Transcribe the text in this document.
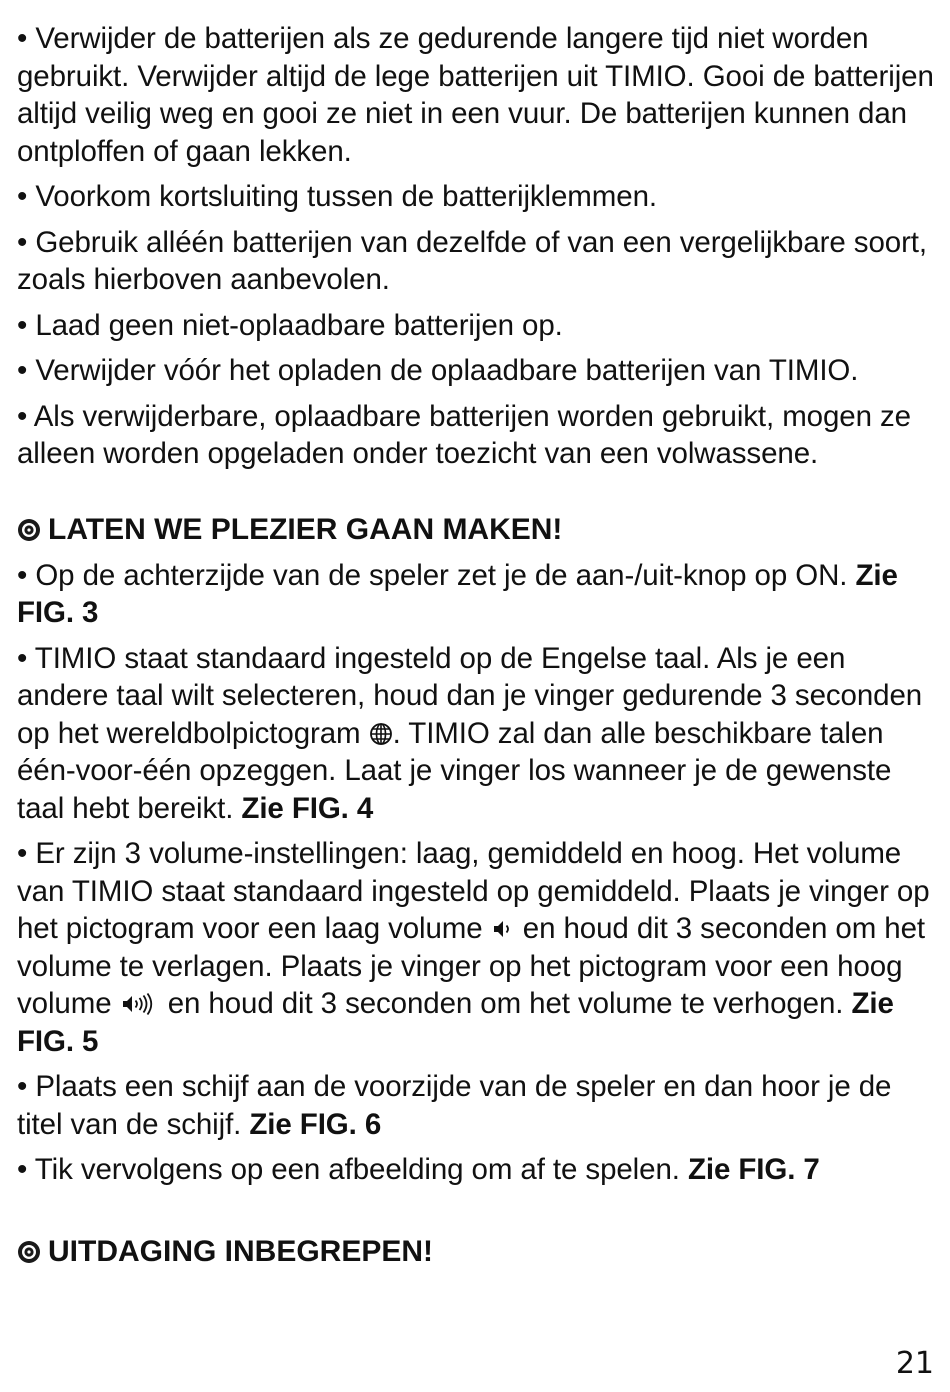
• Verwijder de batterijen als ze gedurende langere tijd niet worden gebruikt. Verwijder altijd de lege batterijen uit TIMIO. Gooi de batterijen altijd veilig weg en gooi ze niet in een vuur. De batterijen kunnen dan ontploffen of gaan lekken.

• Voorkom kortsluiting tussen de batterijklemmen.

• Gebruik alléén batterijen van dezelfde of van een vergelijkbare soort, zoals hierboven aanbevolen.

• Laad geen niet-oplaadbare batterijen op.

• Verwijder vóór het opladen de oplaadbare batterijen van TIMIO.

• Als verwijderbare, oplaadbare batterijen worden gebruikt, mogen ze alleen worden opgeladen onder toezicht van een volwassene.

LATEN WE PLEZIER GAAN MAKEN!

• Op de achterzijde van de speler zet je de aan-/uit-knop op ON. Zie FIG. 3

• TIMIO staat standaard ingesteld op de Engelse taal. Als je een andere taal wilt selecteren, houd dan je vinger gedurende 3 seconden op het wereldbolpictogram . TIMIO zal dan alle beschikbare talen één-voor-één opzeggen. Laat je vinger los wanneer je de gewenste taal hebt bereikt. Zie FIG. 4

• Er zijn 3 volume-instellingen: laag, gemiddeld en hoog. Het volume van TIMIO staat standaard ingesteld op gemiddeld. Plaats je vinger op het pictogram voor een laag volume  en houd dit 3 seconden om het volume te verlagen. Plaats je vinger op het pictogram voor een hoog volume  en houd dit 3 seconden om het volume te verhogen. Zie FIG. 5

• Plaats een schijf aan de voorzijde van de speler en dan hoor je de titel van de schijf. Zie FIG. 6

• Tik vervolgens op een afbeelding om af te spelen. Zie FIG. 7

UITDAGING INBEGREPEN!
21
